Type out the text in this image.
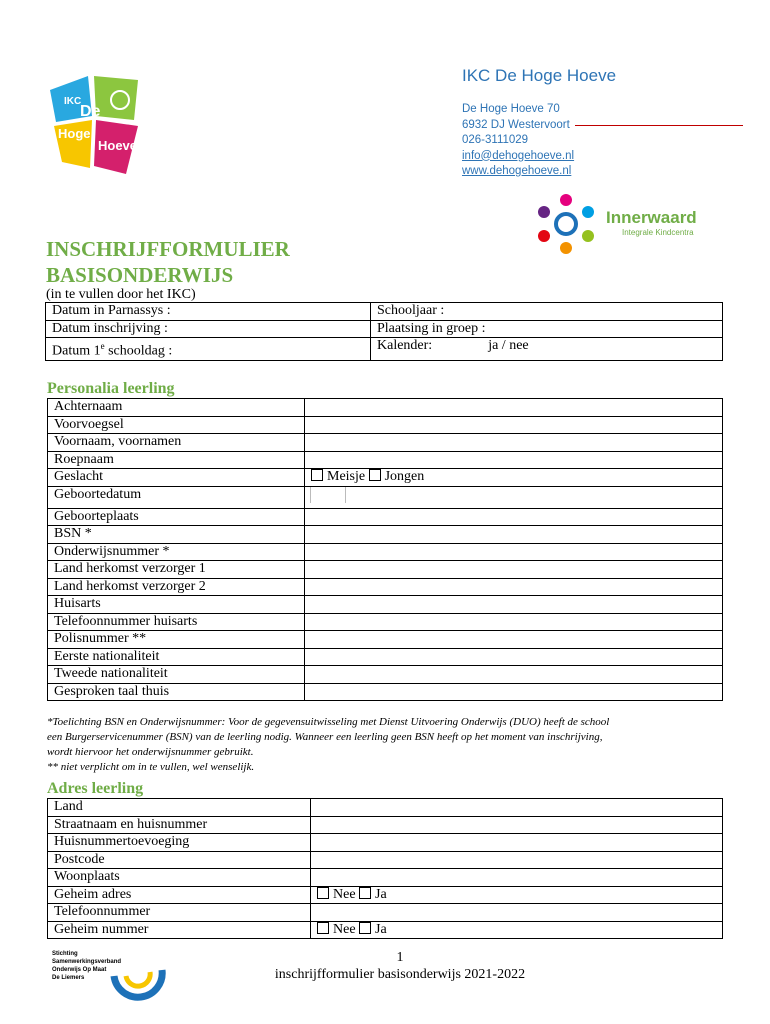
IKC
De
Hoge
Hoeve
IKC De Hoge Hoeve
De Hoge Hoeve 70
6932 DJ Westervoort
026-3111029
info@dehogehoeve.nl
www.dehogehoeve.nl
Innerwaard
Integrale Kindcentra
INSCHRIJFFORMULIER
BASISONDERWIJS
(in te vullen door het IKC)
Datum in Parnassys :	Schooljaar :
Datum inschrijving :	Plaatsing in groep :
Datum 1e schooldag :	Kalender: ja / nee
Personalia leerling
Achternaam	
Voorvoegsel	
Voornaam, voornamen	
Roepnaam	
Geslacht	Meisje Jongen
Geboortedatum	
Geboorteplaats	
BSN *	
Onderwijsnummer *	
Land herkomst verzorger 1	
Land herkomst verzorger 2	
Huisarts	
Telefoonnummer huisarts	
Polisnummer **	
Eerste nationaliteit	
Tweede nationaliteit	
Gesproken taal thuis	
*Toelichting BSN en Onderwijsnummer: Voor de gegevensuitwisseling met Dienst Uitvoering Onderwijs (DUO) heeft de school
een Burgerservicenummer (BSN) van de leerling nodig. Wanneer een leerling geen BSN heeft op het moment van inschrijving,
wordt hiervoor het onderwijsnummer gebruikt.
** niet verplicht om in te vullen, wel wenselijk.
Adres leerling
Land	
Straatnaam en huisnummer	
Huisnummertoevoeging	
Postcode	
Woonplaats	
Geheim adres	Nee Ja
Telefoonnummer	
Geheim nummer	Nee Ja
Stichting
Samenwerkingsverband
Onderwijs Op Maat
De Liemers
1
inschrijfformulier basisonderwijs 2021-2022
